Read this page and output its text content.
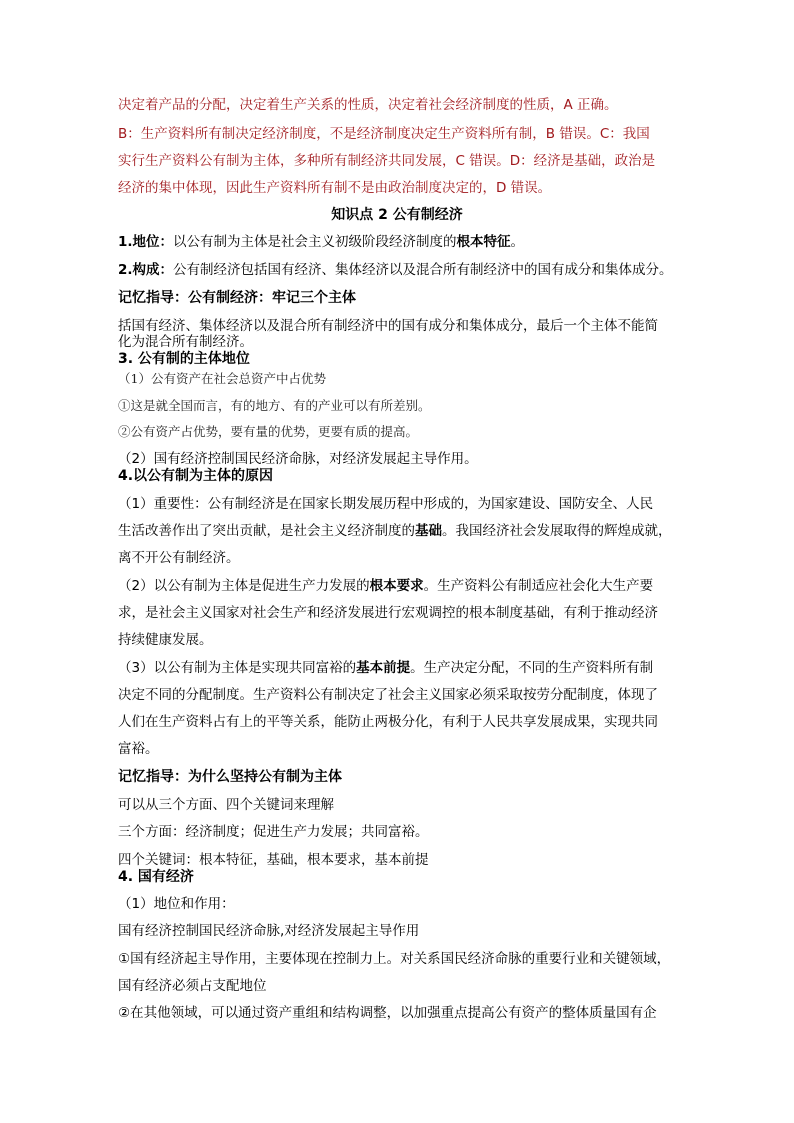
决定着产品的分配，决定着生产关系的性质，决定着社会经济制度的性质，A 正确。
B：生产资料所有制决定经济制度，不是经济制度决定生产资料所有制，B 错误。C：我国
实行生产资料公有制为主体，多种所有制经济共同发展，C 错误。D：经济是基础，政治是
经济的集中体现，因此生产资料所有制不是由政治制度决定的，D 错误。
知识点 2 公有制经济
1.地位：以公有制为主体是社会主义初级阶段经济制度的根本特征。
2.构成：公有制经济包括国有经济、集体经济以及混合所有制经济中的国有成分和集体成分。
记忆指导：公有制经济：牢记三个主体
括国有经济、集体经济以及混合所有制经济中的国有成分和集体成分，最后一个主体不能简
化为混合所有制经济。
3. 公有制的主体地位
（1）公有资产在社会总资产中占优势
①这是就全国而言，有的地方、有的产业可以有所差别。
②公有资产占优势，要有量的优势，更要有质的提高。
（2）国有经济控制国民经济命脉，对经济发展起主导作用。
4.以公有制为主体的原因
（1）重要性：公有制经济是在国家长期发展历程中形成的，为国家建设、国防安全、人民
生活改善作出了突出贡献，是社会主义经济制度的基础。我国经济社会发展取得的辉煌成就，
离不开公有制经济。
（2）以公有制为主体是促进生产力发展的根本要求。生产资料公有制适应社会化大生产要
求，是社会主义国家对社会生产和经济发展进行宏观调控的根本制度基础，有利于推动经济
持续健康发展。
（3）以公有制为主体是实现共同富裕的基本前提。生产决定分配，不同的生产资料所有制
决定不同的分配制度。生产资料公有制决定了社会主义国家必须采取按劳分配制度，体现了
人们在生产资料占有上的平等关系，能防止两极分化，有利于人民共享发展成果，实现共同
富裕。
记忆指导：为什么坚持公有制为主体
可以从三个方面、四个关键词来理解
三个方面：经济制度；促进生产力发展；共同富裕。
四个关键词：根本特征，基础，根本要求，基本前提
4. 国有经济
（1）地位和作用：
国有经济控制国民经济命脉,对经济发展起主导作用
①国有经济起主导作用，主要体现在控制力上。对关系国民经济命脉的重要行业和关键领域，
国有经济必须占支配地位
②在其他领域，可以通过资产重组和结构调整，以加强重点提高公有资产的整体质量国有企
